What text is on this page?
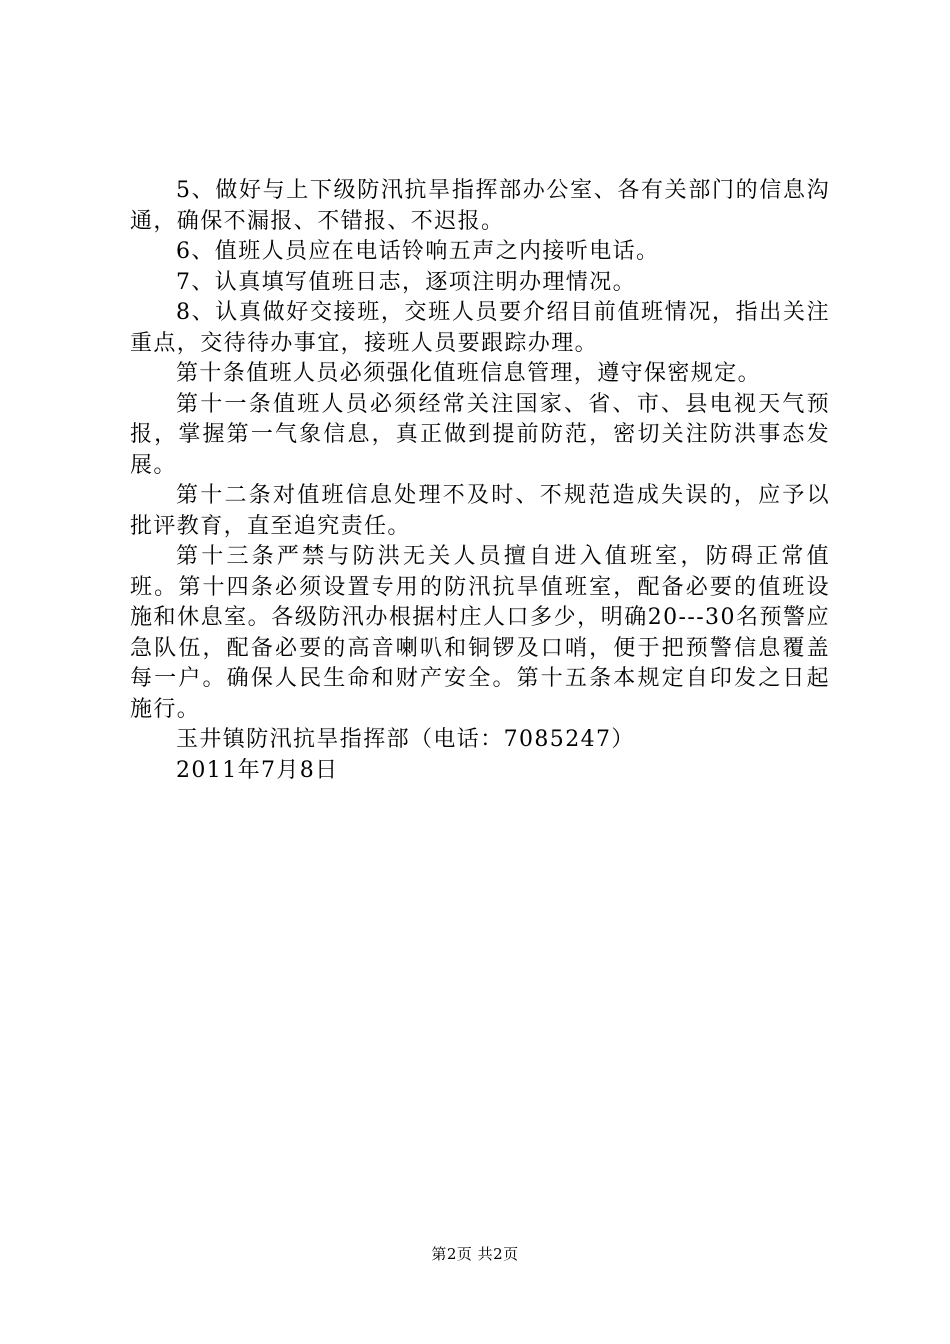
5、做好与上下级防汛抗旱指挥部办公室、各有关部门的信息沟通，确保不漏报、不错报、不迟报。

6、值班人员应在电话铃响五声之内接听电话。

7、认真填写值班日志，逐项注明办理情况。

8、认真做好交接班，交班人员要介绍目前值班情况，指出关注重点，交待待办事宜，接班人员要跟踪办理。

第十条值班人员必须强化值班信息管理，遵守保密规定。

第十一条值班人员必须经常关注国家、省、市、县电视天气预报，掌握第一气象信息，真正做到提前防范，密切关注防洪事态发展。

第十二条对值班信息处理不及时、不规范造成失误的，应予以批评教育，直至追究责任。

第十三条严禁与防洪无关人员擅自进入值班室，防碍正常值班。第十四条必须设置专用的防汛抗旱值班室，配备必要的值班设施和休息室。各级防汛办根据村庄人口多少，明确20---30名预警应急队伍，配备必要的高音喇叭和铜锣及口哨，便于把预警信息覆盖每一户。确保人民生命和财产安全。第十五条本规定自印发之日起施行。

玉井镇防汛抗旱指挥部（电话：7085247）

2011年7月8日

第2页 共2页
